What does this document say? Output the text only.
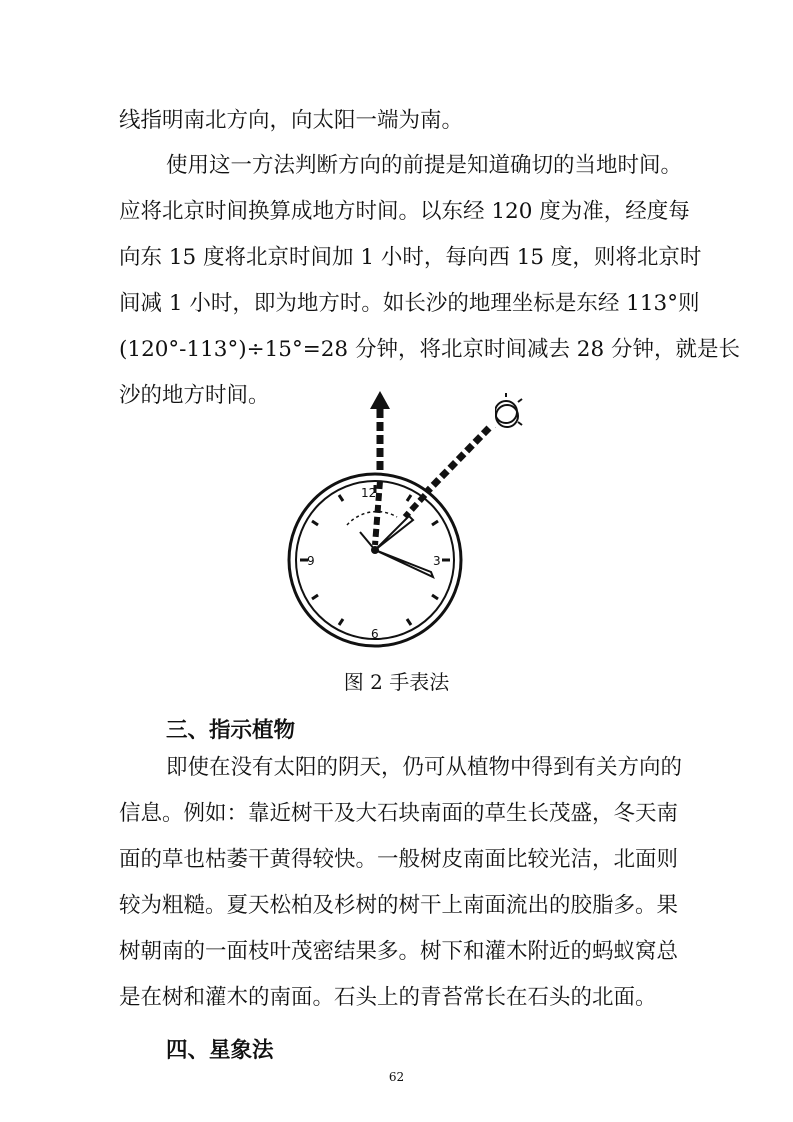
线指明南北方向，向太阳一端为南。
使用这一方法判断方向的前提是知道确切的当地时间。
应将北京时间换算成地方时间。以东经 120 度为准，经度每
向东 15 度将北京时间加 1 小时，每向西 15 度，则将北京时
间减 1 小时，即为地方时。如长沙的地理坐标是东经 113°则
(120°-113°)÷15°=28 分钟，将北京时间减去 28 分钟，就是长
沙的地方时间。
12
3
6
9
图 2 手表法
三、指示植物
即使在没有太阳的阴天，仍可从植物中得到有关方向的
信息。例如：靠近树干及大石块南面的草生长茂盛，冬天南
面的草也枯萎干黄得较快。一般树皮南面比较光洁，北面则
较为粗糙。夏天松柏及杉树的树干上南面流出的胶脂多。果
树朝南的一面枝叶茂密结果多。树下和灌木附近的蚂蚁窝总
是在树和灌木的南面。石头上的青苔常长在石头的北面。
四、星象法
62
